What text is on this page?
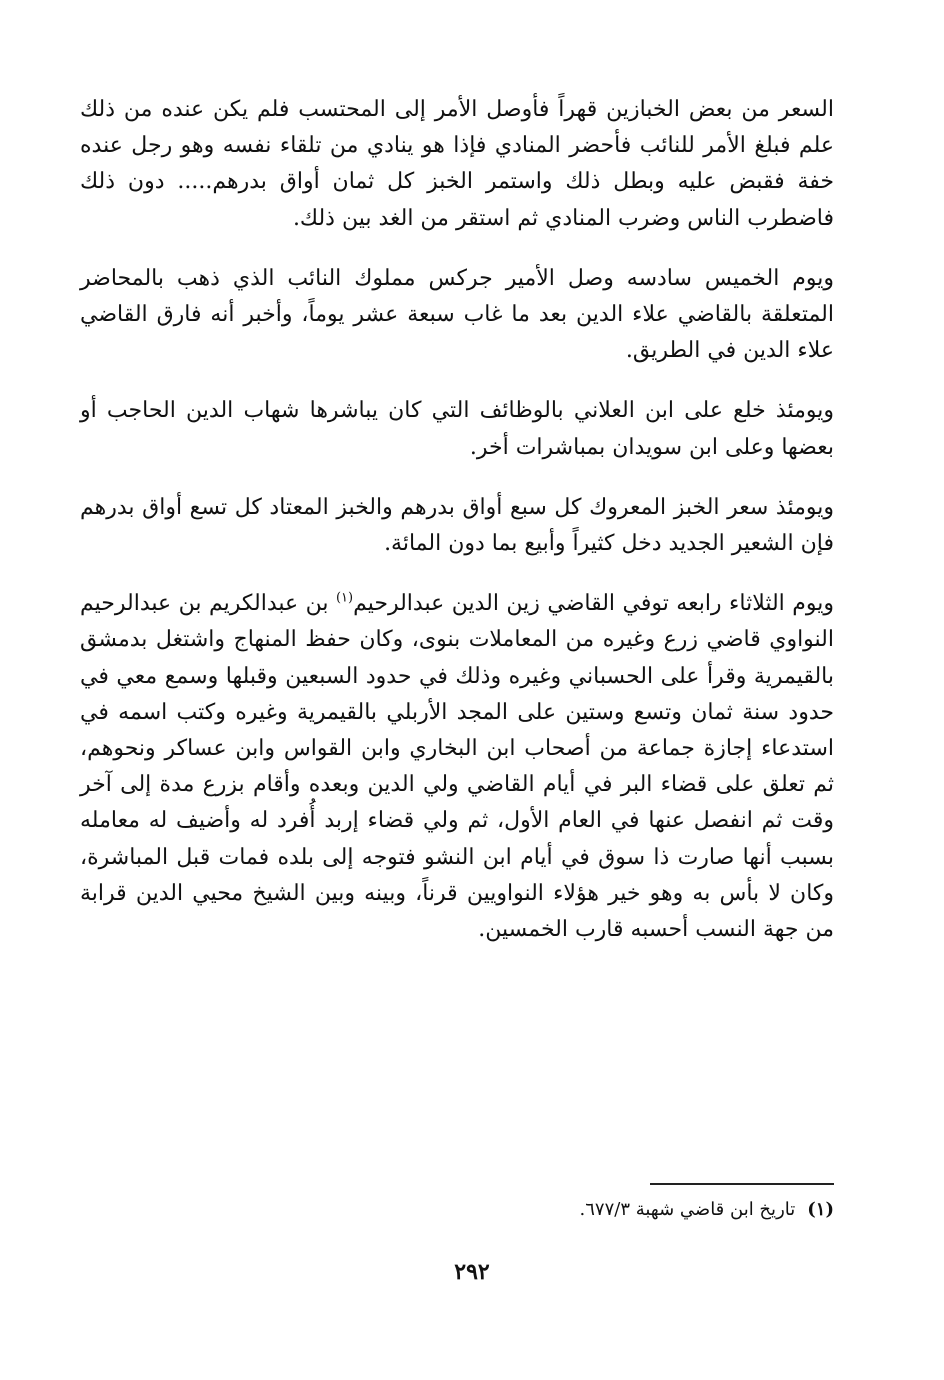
السعر من بعض الخبازين قهراً فأوصل الأمر إلى المحتسب فلم يكن عنده من ذلك علم فبلغ الأمر للنائب فأحضر المنادي فإذا هو ينادي من تلقاء نفسه وهو رجل عنده خفة فقبض عليه وبطل ذلك واستمر الخبز كل ثمان أواق بدرهم..... دون ذلك فاضطرب الناس وضرب المنادي ثم استقر من الغد بين ذلك.

ويوم الخميس سادسه وصل الأمير جركس مملوك النائب الذي ذهب بالمحاضر المتعلقة بالقاضي علاء الدين بعد ما غاب سبعة عشر يوماً، وأخبر أنه فارق القاضي علاء الدين في الطريق.

ويومئذ خلع على ابن العلاني بالوظائف التي كان يباشرها شهاب الدين الحاجب أو بعضها وعلى ابن سويدان بمباشرات أخر.

ويومئذ سعر الخبز المعروك كل سبع أواق بدرهم والخبز المعتاد كل تسع أواق بدرهم فإن الشعير الجديد دخل كثيراً وأبيع بما دون المائة.

ويوم الثلاثاء رابعه توفي القاضي زين الدين عبدالرحيم$^{(١)}$ بن عبدالكريم بن عبدالرحيم النواوي قاضي زرع وغيره من المعاملات بنوى، وكان حفظ المنهاج واشتغل بدمشق بالقيمرية وقرأ على الحسباني وغيره وذلك في حدود السبعين وقبلها وسمع معي في حدود سنة ثمان وتسع وستين على المجد الأربلي بالقيمرية وغيره وكتب اسمه في استدعاء إجازة جماعة من أصحاب ابن البخاري وابن القواس وابن عساكر ونحوهم، ثم تعلق على قضاء البر في أيام القاضي ولي الدين وبعده وأقام بزرع مدة إلى آخر وقت ثم انفصل عنها في العام الأول، ثم ولي قضاء إربد أُفرد له وأضيف له معامله بسبب أنها صارت ذا سوق في أيام ابن النشو فتوجه إلى بلده فمات قبل المباشرة، وكان لا بأس به وهو خير هؤلاء النواويين قرناً، وبينه وبين الشيخ محيي الدين قرابة من جهة النسب أحسبه قارب الخمسين.

(١)تاريخ ابن قاضي شهبة ٦٧٧/٣.
٢٩٢
